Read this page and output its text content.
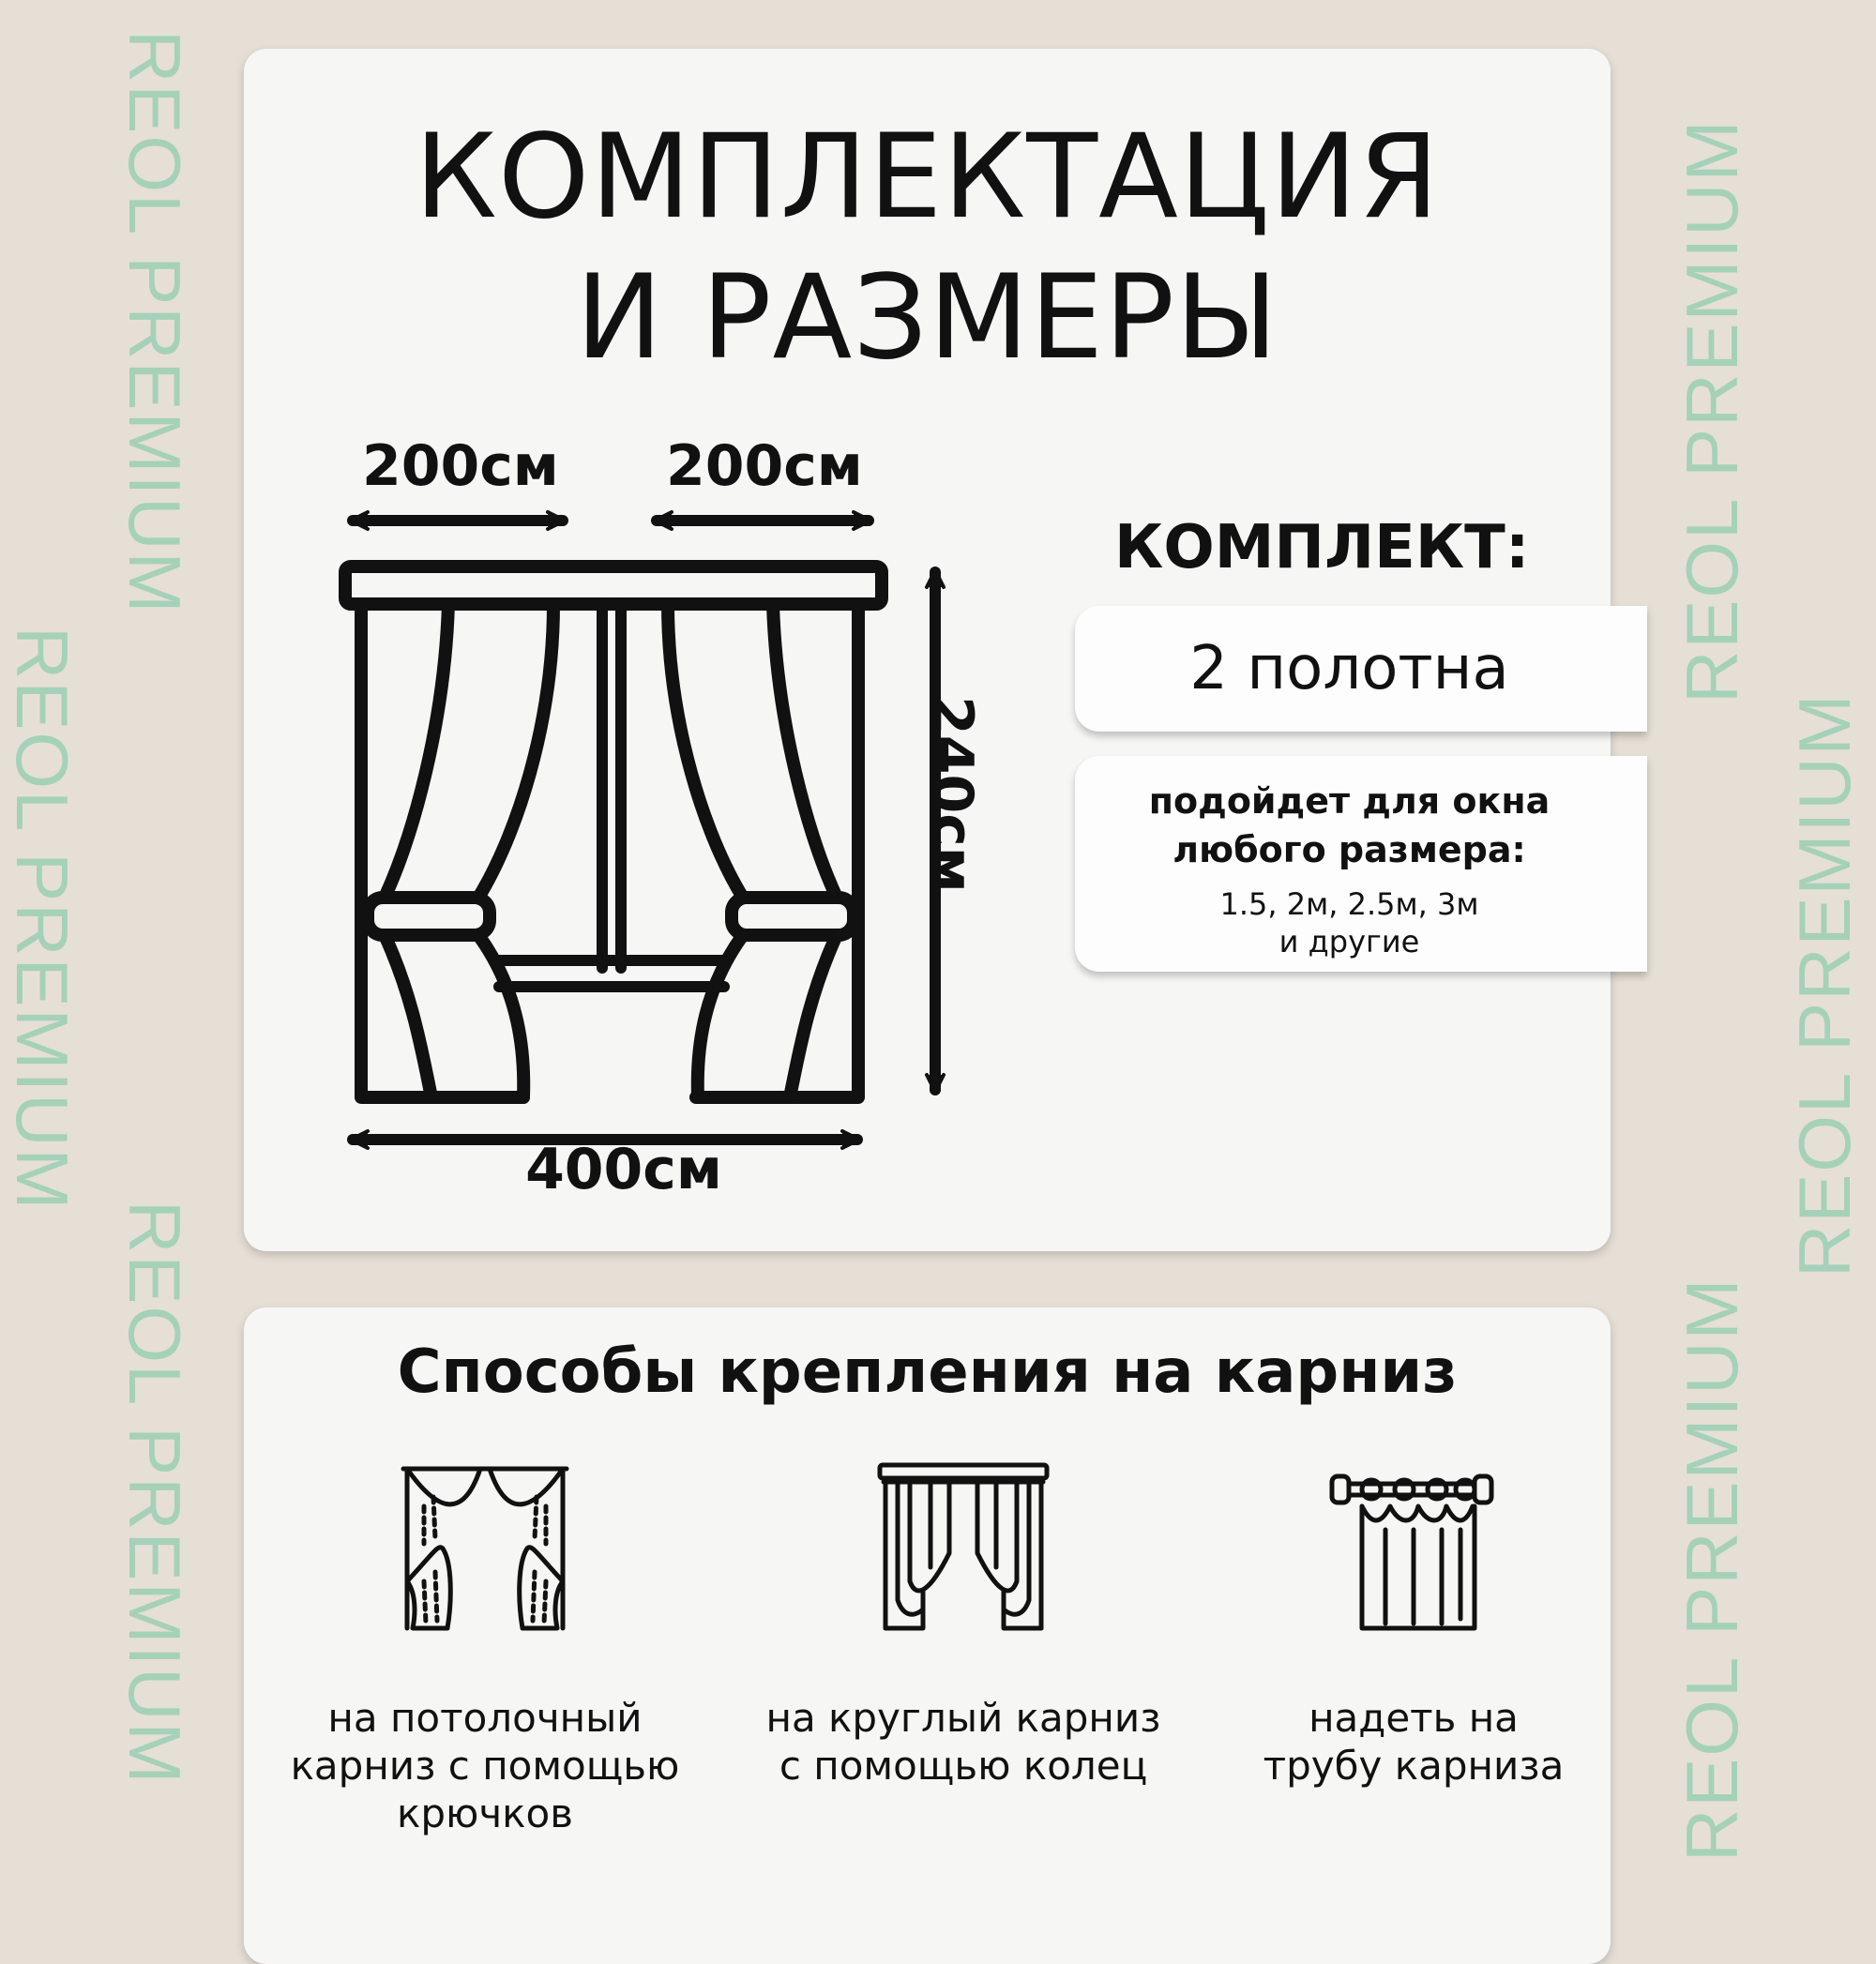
REOL PREMIUM
REOL PREMIUM
REOL PREMIUM
REOL PREMIUM
REOL PREMIUM
REOL PREMIUM
КОМПЛЕКТАЦИЯ
И РАЗМЕРЫ
200см 200см
240см
400см
КОМПЛЕКТ:
2 полотна
подойдет для окна
любого размера:
1.5, 2м, 2.5м, 3м
и другие
Способы крепления на карниз
на потолочный
карниз с помощью
крючков
на круглый карниз
с помощью колец
надеть на
трубу карниза
